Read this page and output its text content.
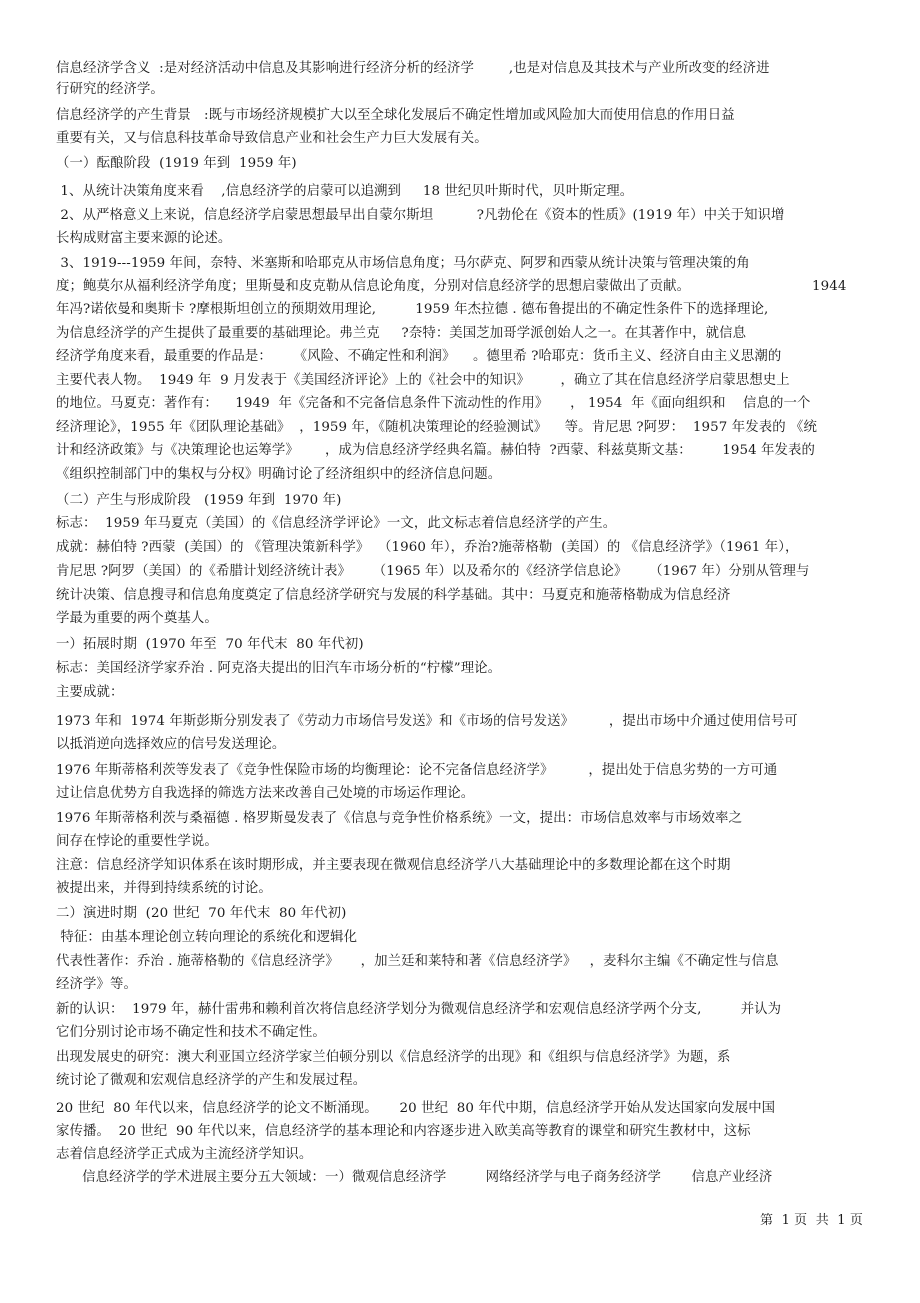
信息经济学含义  :是对经济活动中信息及其影响进行经济分析的经济学        ,也是对信息及其技术与产业所改变的经济进
行研究的经济学。
信息经济学的产生背景   :既与市场经济规模扩大以至全球化发展后不确定性增加或风险加大而使用信息的作用日益
重要有关，又与信息科技革命导致信息产业和社会生产力巨大发展有关。
（一）酝酿阶段  (1919 年到  1959 年)
1、从统计决策角度来看    ,信息经济学的启蒙可以追溯到     18 世纪贝叶斯时代，贝叶斯定理。
2、从严格意义上来说，信息经济学启蒙思想最早出自蒙尔斯坦          ?凡勃伦在《资本的性质》(1919 年）中关于知识增
长构成财富主要来源的论述。
3、1919---1959 年间，奈特、米塞斯和哈耶克从市场信息角度；马尔萨克、阿罗和西蒙从统计决策与管理决策的角
度；鲍莫尔从福利经济学角度；里斯曼和皮克勒从信息论角度，分别对信息经济学的思想启蒙做出了贡献。                            1944
年冯?诺依曼和奥斯卡 ?摩根斯坦创立的预期效用理论,         1959 年杰拉德 . 德布鲁提出的不确定性条件下的选择理论,
为信息经济学的产生提供了最重要的基础理论。弗兰克     ?奈特：美国芝加哥学派创始人之一。在其著作中，就信息
经济学角度来看，最重要的作品是：     《风险、不确定性和利润》    。德里希 ?哈耶克：货币主义、经济自由主义思潮的
主要代表人物。  1949 年  9 月发表于《美国经济评论》上的《社会中的知识》       ，确立了其在信息经济学启蒙思想史上
的地位。马夏克：著作有：    1949  年《完备和不完备信息条件下流动性的作用》     ， 1954  年《面向组织和    信息的一个
经济理论》，1955 年《团队理论基础》  ，1959 年，《随机决策理论的经验测试》    等。肯尼思 ?阿罗：  1957 年发表的 《统
计和经济政策》与《决策理论也运筹学》      ，成为信息经济学经典名篇。赫伯特  ?西蒙、科兹莫斯文基：       1954 年发表的
《组织控制部门中的集权与分权》明确讨论了经济组织中的经济信息问题。
（二）产生与形成阶段   (1959 年到  1970 年)
标志：  1959 年马夏克（美国）的《信息经济学评论》一文，此文标志着信息经济学的产生。
成就：赫伯特 ?西蒙  (美国）的 《管理决策新科学》  （1960 年），乔治?施蒂格勒  (美国）的 《信息经济学》（1961 年），
肯尼思 ?阿罗（美国）的《希腊计划经济统计表》     （1965 年）以及希尔的《经济学信息论》     （1967 年）分别从管理与
统计决策、信息搜寻和信息角度奠定了信息经济学研究与发展的科学基础。其中：马夏克和施蒂格勒成为信息经济
学最为重要的两个奠基人。
一）拓展时期  (1970 年至  70 年代末  80 年代初)
标志：美国经济学家乔治 . 阿克洛夫提出的旧汽车市场分析的“柠檬”理论。
主要成就：
1973 年和  1974 年斯彭斯分别发表了《劳动力市场信号发送》和《市场的信号发送》        ，提出市场中介通过使用信号可
以抵消逆向选择效应的信号发送理论。
1976 年斯蒂格利茨等发表了《竞争性保险市场的均衡理论：论不完备信息经济学》        ，提出处于信息劣势的一方可通
过让信息优势方自我选择的筛选方法来改善自己处境的市场运作理论。
1976 年斯蒂格利茨与桑福德 . 格罗斯曼发表了《信息与竞争性价格系统》一文，提出：市场信息效率与市场效率之
间存在悖论的重要性学说。
注意：信息经济学知识体系在该时期形成，并主要表现在微观信息经济学八大基础理论中的多数理论都在这个时期
被提出来，并得到持续系统的讨论。
二）演进时期  (20 世纪  70 年代末  80 年代初)
特征：由基本理论创立转向理论的系统化和逻辑化
代表性著作：乔治 . 施蒂格勒的《信息经济学》     ，加兰廷和莱特和著《信息经济学》   ，麦科尔主编《不确定性与信息
经济学》等。
新的认识：  1979 年，赫什雷弗和赖利首次将信息经济学划分为微观信息经济学和宏观信息经济学两个分支,         并认为
它们分别讨论市场不确定性和技术不确定性。
出现发展史的研究：澳大利亚国立经济学家兰伯顿分别以《信息经济学的出现》和《组织与信息经济学》为题，系
统讨论了微观和宏观信息经济学的产生和发展过程。
20 世纪  80 年代以来，信息经济学的论文不断涌现。     20 世纪  80 年代中期，信息经济学开始从发达国家向发展中国
家传播。  20 世纪  90 年代以来，信息经济学的基本理论和内容逐步进入欧美高等教育的课堂和研究生教材中，这标
志着信息经济学正式成为主流经济学知识。
信息经济学的学术进展主要分五大领域：一）微观信息经济学         网络经济学与电子商务经济学       信息产业经济
第  1 页  共  1 页
